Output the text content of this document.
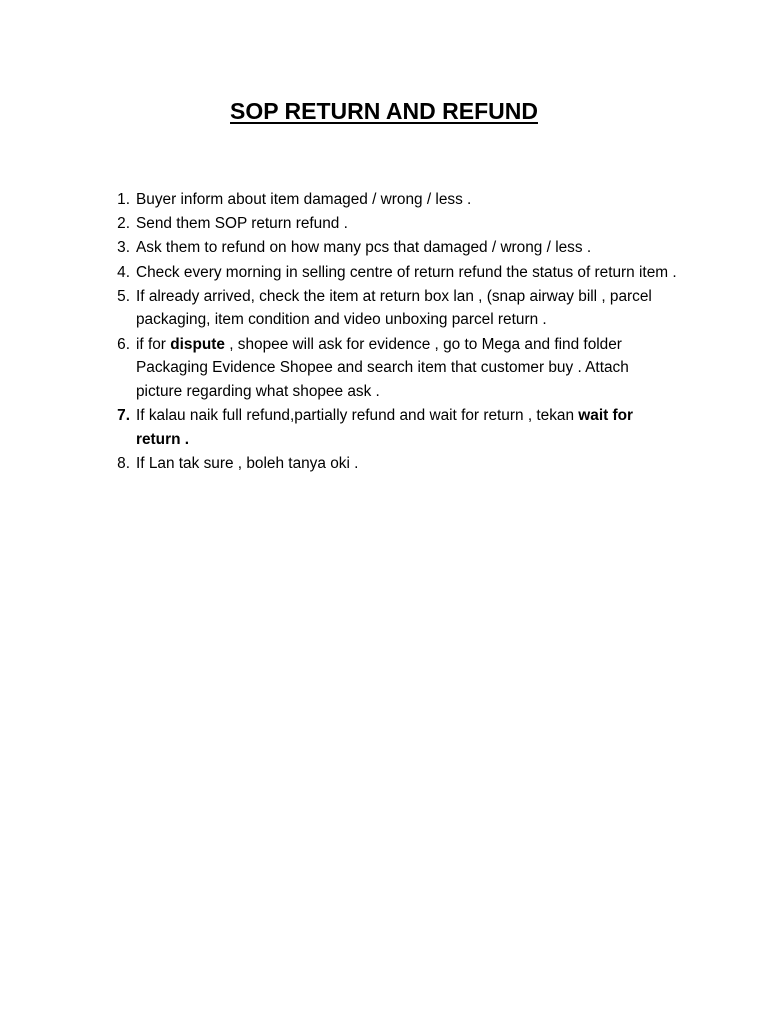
SOP RETURN AND REFUND
1. Buyer inform about item damaged / wrong / less .
2. Send them SOP return refund .
3. Ask them to refund on how many pcs that damaged / wrong / less .
4. Check every morning in selling centre of return refund the status of return item .
5. If already arrived, check the item at return box lan , (snap airway bill , parcel packaging, item condition and video unboxing parcel return .
6. if for dispute , shopee will ask for evidence , go to Mega and find folder Packaging Evidence Shopee and search item that customer buy . Attach picture regarding what shopee ask .
7. If kalau naik full refund,partially refund and wait for return , tekan wait for return .
8. If Lan tak sure , boleh tanya oki .
